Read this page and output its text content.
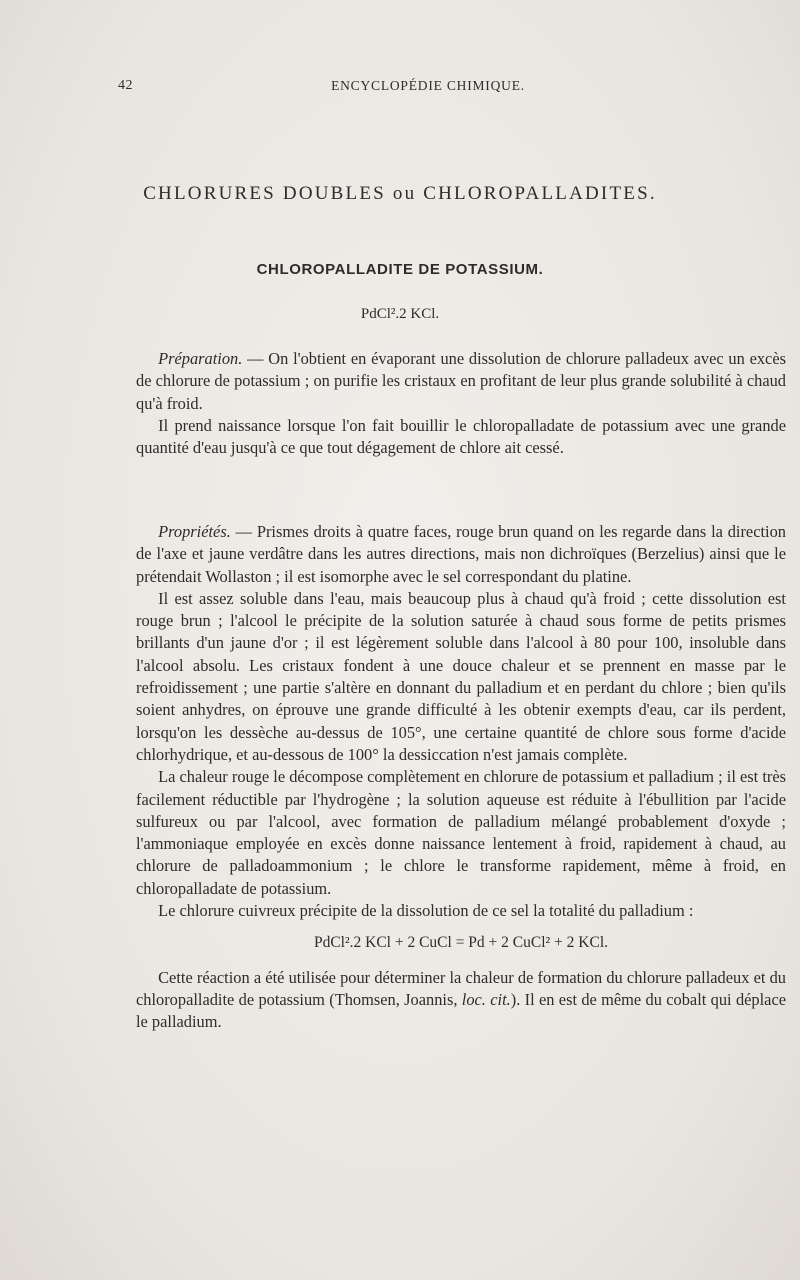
42	ENCYCLOPÉDIE CHIMIQUE.
CHLORURES DOUBLES ou CHLOROPALLADITES.
CHLOROPALLADITE DE POTASSIUM.
PdCl².2 KCl.

Préparation. — On l'obtient en évaporant une dissolution de chlorure palladeux avec un excès de chlorure de potassium ; on purifie les cristaux en profitant de leur plus grande solubilité à chaud qu'à froid.

Il prend naissance lorsque l'on fait bouillir le chloropalladate de potassium avec une grande quantité d'eau jusqu'à ce que tout dégagement de chlore ait cessé.

Propriétés. — Prismes droits à quatre faces, rouge brun quand on les regarde dans la direction de l'axe et jaune verdâtre dans les autres directions, mais non dichroïques (Berzelius) ainsi que le prétendait Wollaston ; il est isomorphe avec le sel correspondant du platine.

Il est assez soluble dans l'eau, mais beaucoup plus à chaud qu'à froid ; cette dissolution est rouge brun ; l'alcool le précipite de la solution saturée à chaud sous forme de petits prismes brillants d'un jaune d'or ; il est légèrement soluble dans l'alcool à 80 pour 100, insoluble dans l'alcool absolu. Les cristaux fondent à une douce chaleur et se prennent en masse par le refroidissement ; une partie s'altère en donnant du palladium et en perdant du chlore ; bien qu'ils soient anhydres, on éprouve une grande difficulté à les obtenir exempts d'eau, car ils perdent, lorsqu'on les dessèche au-dessus de 105°, une certaine quantité de chlore sous forme d'acide chlorhydrique, et au-dessous de 100° la dessiccation n'est jamais complète.

La chaleur rouge le décompose complètement en chlorure de potassium et palladium ; il est très facilement réductible par l'hydrogène ; la solution aqueuse est réduite à l'ébullition par l'acide sulfureux ou par l'alcool, avec formation de palladium mélangé probablement d'oxyde ; l'ammoniaque employée en excès donne naissance lentement à froid, rapidement à chaud, au chlorure de palladoammonium ; le chlore le transforme rapidement, même à froid, en chloropalladate de potassium.

Le chlorure cuivreux précipite de la dissolution de ce sel la totalité du palladium :

PdCl².2 KCl + 2 CuCl = Pd + 2 CuCl² + 2 KCl.

Cette réaction a été utilisée pour déterminer la chaleur de formation du chlorure palladeux et du chloropalladite de potassium (Thomsen, Joannis, loc. cit.). Il en est de même du cobalt qui déplace le palladium.
